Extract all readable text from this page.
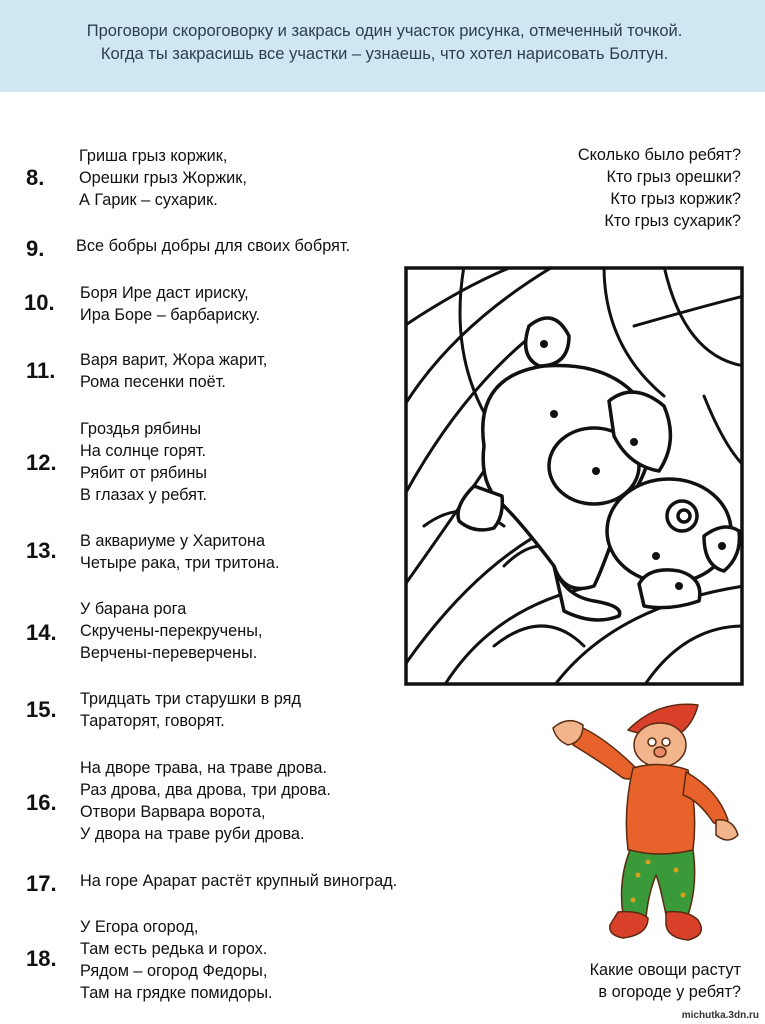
Проговори скороговорку и закрась один участок рисунка, отмеченный точкой.
Когда ты закрасишь все участки – узнаешь, что хотел нарисовать Болтун.
8.
Гриша грыз коржик,
Орешки грыз Жоржик,
А Гарик – сухарик.
Сколько было ребят?
Кто грыз орешки?
Кто грыз коржик?
Кто грыз сухарик?
9. Все бобры добры для своих бобрят.
10. Боря Ире даст ириску,
Ира Боре – барбариску.
11. Варя варит, Жора жарит,
Рома песенки поёт.
12.
Гроздья рябины
На солнце горят.
Рябит от рябины
В глазах у ребят.
13. В аквариуме у Харитона
Четыре рака, три тритона.
14.
У барана рога
Скручены-перекручены,
Верчены-переверчены.
15. Тридцать три старушки в ряд
Тараторят, говорят.
16.
На дворе трава, на траве дрова.
Раз дрова, два дрова, три дрова.
Отвори Варвара ворота,
У двора на траве руби дрова.
17. На горе Арарат растёт крупный виноград.
18.
У Егора огород,
Там есть редька и горох.
Рядом – огород Федоры,
Там на грядке помидоры.
Какие овощи растут
в огороде у ребят?
michutka.3dn.ru
